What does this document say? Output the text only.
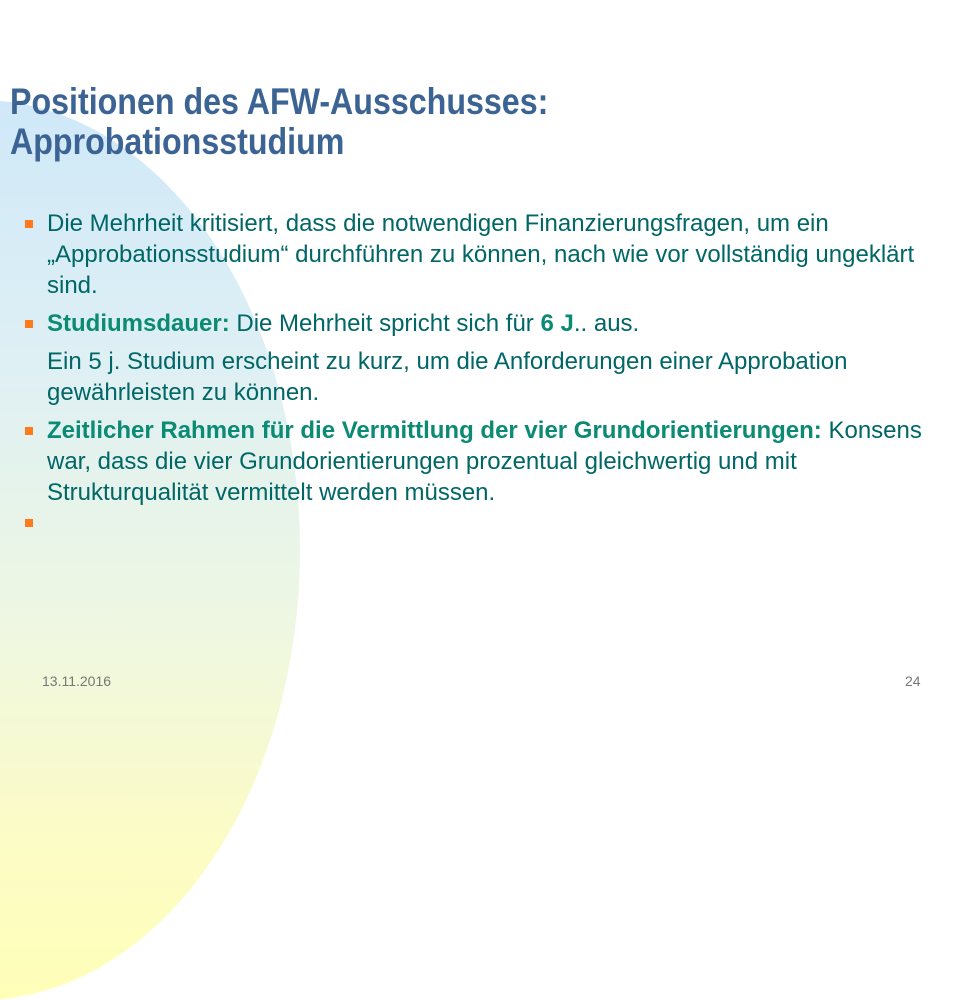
Positionen des AFW-Ausschusses:
Approbationsstudium
Die Mehrheit kritisiert, dass die notwendigen Finanzierungsfragen, um ein „Approbationsstudium“ durchführen zu können, nach wie vor vollständig ungeklärt sind.
Studiumsdauer: Die Mehrheit spricht sich für 6 J.. aus.
Ein 5 j. Studium erscheint zu kurz, um die Anforderungen einer Approbation gewährleisten zu können.
Zeitlicher Rahmen für die Vermittlung der vier Grundorientierungen: Konsens war, dass die vier Grundorientierungen prozentual gleichwertig und mit Strukturqualität vermittelt werden müssen.
13.11.2016	24
